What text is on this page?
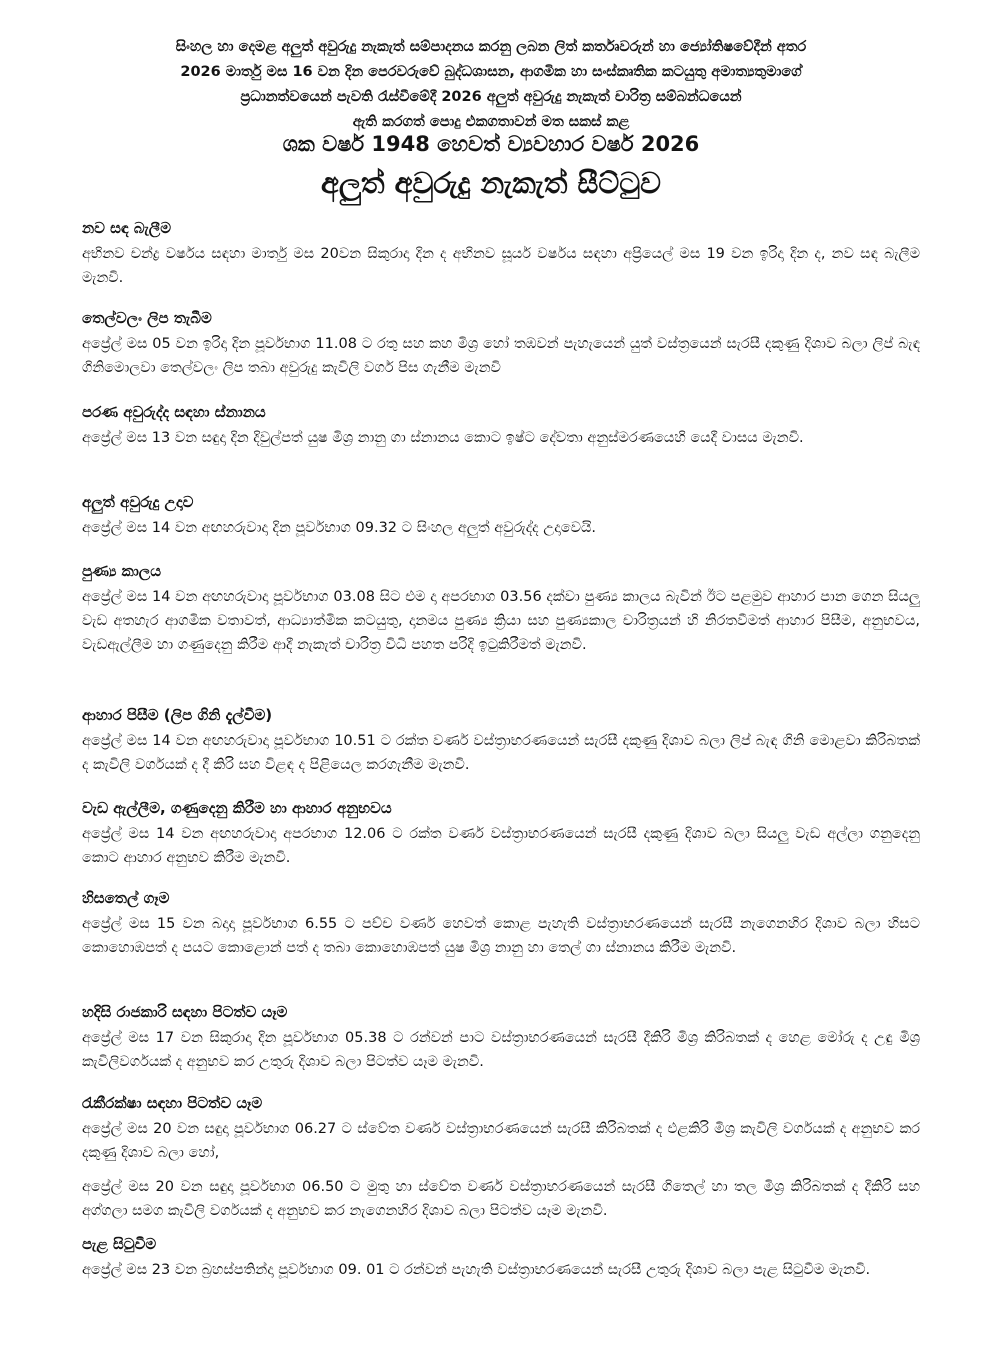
සිංහල හා දෙමළ අලුත් අවුරුදු නැකැත් සම්පාදනය කරනු ලබන ලිත් කර්තෘවරුන් හා ජ්‍යෝතිෂවේදීන් අතර
2026 මාර්තු මස 16 වන දින පෙරවරුවේ බුද්ධශාසන, ආගමික හා සංස්කෘතික කටයුතු අමාත්‍යතුමාගේ
ප්‍රධානත්වයෙන් පැවති රැස්වීමේදී 2026 අලුත් අවුරුදු නැකැත් චාරිත්‍ර සම්බන්ධයෙන්
ඇති කරගත් පොදු එකගතාවන් මත සකස් කළ
ශක වර්ෂ 1948 හෙවත් ව්‍යවහාර වර්ෂ 2026
අලුත් අවුරුදු නැකැත් සීට්ටුව
නව සඳ බැලීම

අභිනව චන්ද්‍ර වර්ෂය සඳහා මාර්තු මස 20වන සිකුරාදා දින ද අභිනව සූර්ය වර්ෂය සඳහා අප්‍රියෙල් මස 19 වන ඉරිදා දින ද, නව සඳ බැලීම මැනවි.

තෙල්වලං ලිප තැබීම

අප්‍රේල් මස 05 වන ඉරිදා දින පූර්වභාග 11.08 ට රතු සහ කහ මිශ්‍ර හෝ තඹවන් පැහැයෙන් යුත් වස්ත්‍රයෙන් සැරසී දකුණු දිශාව බලා ලිප් බැඳ ගිනිමොලවා තෙල්වලං ලිප තබා අවුරුදු කැවිලි වර්ග පිස ගැනීම මැනවි

පරණ අවුරුද්ද සඳහා ස්නානය

අප්‍රේල් මස 13 වන සඳුදා දින දිවුල්පත් යුෂ මිශ්‍ර නානු ගා ස්නානය කොට ඉෂ්ට දේවතා අනුස්මරණයෙහි යෙදී වාසය මැනවි.

අලුත් අවුරුදු උදාව

අප්‍රේල් මස 14 වන අඟහරුවාදා දින පූර්වභාග 09.32 ට සිංහල අලුත් අවුරුද්ද උදාවෙයි.

පුණ්‍ය කාලය

අප්‍රේල් මස 14 වන අඟහරුවාදා පූර්වභාග 03.08 සිට එම දා අපරභාග 03.56 දක්වා පුණ්‍ය කාලය බැවින් ඊට පළමුව ආහාර පාන ගෙන සියලු වැඩ අතහැර ආගමික වතාවත්, ආධ්‍යාත්මික කටයුතු, දානමය පුණ්‍ය ක්‍රියා සහ පුණ්‍යකාල චාරිත්‍රයන් හි නිරතවීමත් ආහාර පිසීම, අනුභවය, වැඩඇල්ලීම හා ගණුදෙනු කිරීම ආදී නැකැත් චාරිත්‍ර විධි පහත පරිදි ඉටුකිරීමත් මැනවි.

ආහාර පිසීම (ලිප ගිනි දැල්වීම)

අප්‍රේල් මස 14 වන අඟහරුවාදා පූර්වභාග 10.51 ට රක්ත වර්ණ වස්ත්‍රාභරණයෙන් සැරසී දකුණු දිශාව බලා ලිප් බැඳ ගිනි මොළවා කිරිබතක් ද කැවිලි වර්ගයක් ද දී කිරි සහ විළඳ ද පිළියෙල කරගැනීම මැනවි.

වැඩ ඇල්ලීම, ගණුදෙනු කිරීම හා ආහාර අනුභවය

අප්‍රේල් මස 14 වන අඟහරුවාදා අපරභාග 12.06 ට රක්ත වර්ණ වස්ත්‍රාභරණයෙන් සැරසී දකුණු දිශාව බලා සියලු වැඩ අල්ලා ගනුදෙනු කොට ආහාර අනුභව කිරීම මැනවි.

හිසතෙල් ගෑම

අප්‍රේල් මස 15 වන බදාදා පූර්වභාග 6.55 ට පච්ච වර්ණ හෙවත් කොළ පැහැති වස්ත්‍රාභරණයෙන් සැරසී නැගෙනහිර දිශාව බලා හිසට කොහොඹපත් ද පයට කොළොන් පත් ද තබා කොහොඹපත් යුෂ මිශ්‍ර නානු හා තෙල් ගා ස්නානය කිරීම මැනවි.

හදිසි රාජකාරි සඳහා පිටත්ව යෑම

අප්‍රේල් මස 17 වන සිකුරාදා දින පූර්වභාග 05.38 ට රන්වන් පාට වස්ත්‍රාභරණයෙන් සැරසී දීකිරි මිශ්‍ර කිරිබතක් ද හෙළ මෝරු ද උඳු මිශ්‍ර කැවිලිවර්ගයක් ද අනුභව කර උතුරු දිශාව බලා පිටත්ව යෑම මැනවි.

රැකීරක්ෂා සඳහා පිටත්ව යෑම

අප්‍රේල් මස 20 වන සඳුදා පූර්වභාග 06.27 ට ස්වේත වර්ණ වස්ත්‍රාභරණයෙන් සැරසී කිරිබතක් ද එළකිරි මිශ්‍ර කැවිලි වර්ගයක් ද අනුභව කර දකුණු දිශාව බලා හෝ,

අප්‍රේල් මස 20 වන සඳුදා පූර්වභාග 06.50 ට මුතු හා ස්වේත වර්ණ වස්ත්‍රාභරණයෙන් සැරසී ගිතෙල් හා තල මිශ්‍ර කිරිබතක් ද දීකිරි සහ අග්ගලා සමග කැවිලි වර්ගයක් ද අනුභව කර නැගෙනහිර දිශාව බලා පිටත්ව යෑම මැනවි.

පැළ සිටුවීම

අප්‍රේල් මස 23 වන බ්‍රහස්පතින්දා පූර්වභාග 09. 01 ට රන්වන් පැහැති වස්ත්‍රාභරණයෙන් සැරසී උතුරු දිශාව බලා පැළ සිටුවීම මැනවි.
